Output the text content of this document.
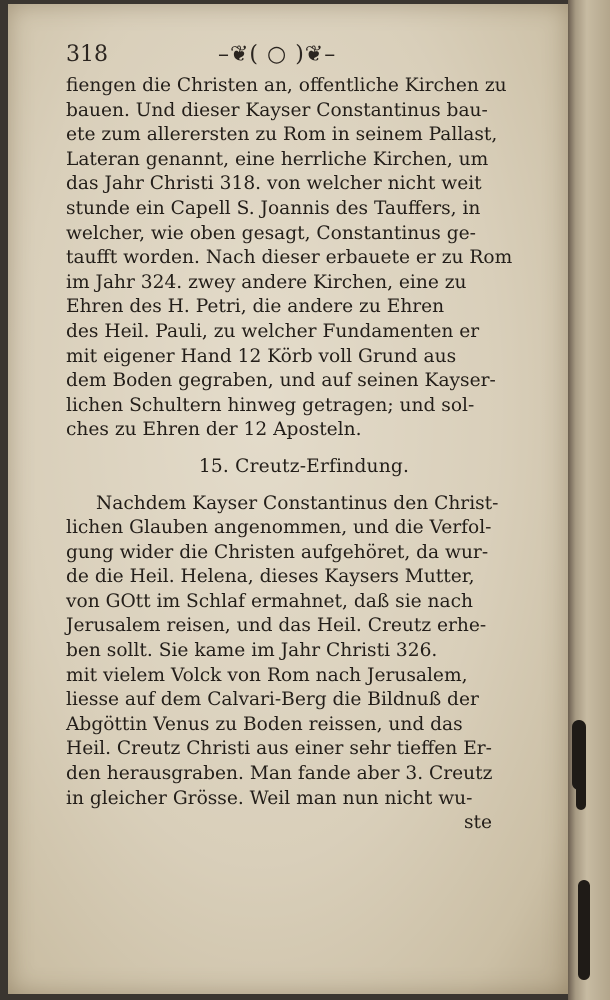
318	–❦( ○ )❦–
fiengen die Christen an, offentliche Kirchen zu
bauen. Und dieser Kayser Constantinus bau-
ete zum allerersten zu Rom in seinem Pallast,
Lateran genannt, eine herrliche Kirchen, um
das Jahr Christi 318. von welcher nicht weit
stunde ein Capell S. Joannis des Tauffers, in
welcher, wie oben gesagt, Constantinus ge-
taufft worden. Nach dieser erbauete er zu Rom
im Jahr 324. zwey andere Kirchen, eine zu
Ehren des H. Petri, die andere zu Ehren
des Heil. Pauli, zu welcher Fundamenten er
mit eigener Hand 12 Körb voll Grund aus
dem Boden gegraben, und auf seinen Kayser-
lichen Schultern hinweg getragen; und sol-
ches zu Ehren der 12 Aposteln.
15. Creutz-Erfindung.
Nachdem Kayser Constantinus den Christ-
lichen Glauben angenommen, und die Verfol-
gung wider die Christen aufgehöret, da wur-
de die Heil. Helena, dieses Kaysers Mutter,
von GOtt im Schlaf ermahnet, daß sie nach
Jerusalem reisen, und das Heil. Creutz erhe-
ben sollt. Sie kame im Jahr Christi 326.
mit vielem Volck von Rom nach Jerusalem,
liesse auf dem Calvari-Berg die Bildnuß der
Abgöttin Venus zu Boden reissen, und das
Heil. Creutz Christi aus einer sehr tieffen Er-
den herausgraben. Man fande aber 3. Creutz
in gleicher Grösse. Weil man nun nicht wu-
ste
